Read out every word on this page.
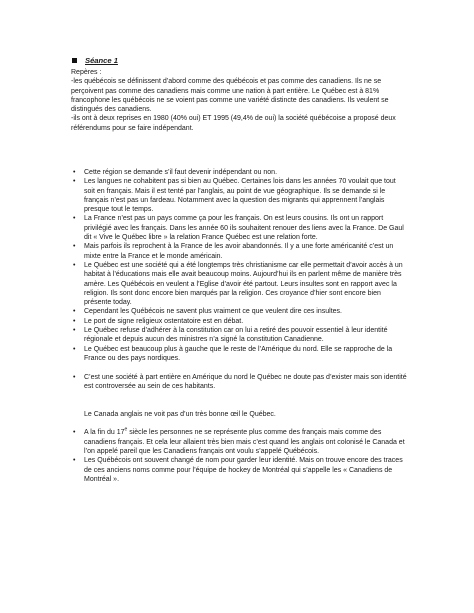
Séance 1

Repères :

-les québécois se définissent d’abord comme des québécois et pas comme des canadiens. Ils ne se perçoivent pas comme des canadiens mais comme une nation à part entière. Le Québec est à 81% francophone les québécois ne se voient pas comme une variété distincte des canadiens. Ils veulent se distingués des canadiens.

-ils ont à deux reprises en 1980 (40% oui) ET 1995 (49,4% de oui) la société québécoise a proposé deux référendums pour se faire indépendant.

• Cette région se demande s’il faut devenir indépendant ou non.
• Les langues ne cohabitent pas si bien au Québec. Certaines lois dans les années 70 voulait que tout soit en français. Mais il est tenté par l’anglais, au point de vue géographique. Ils se demande si le français n’est pas un fardeau. Notamment avec la question des migrants qui apprennent l’anglais presque tout le temps.
• La France n’est pas un pays comme ça pour les français. On est leurs cousins. Ils ont un rapport privilégié avec les français. Dans les année 60 ils souhaitent renouer des liens avec la France. De Gaul dit « Vive le Québec libre » la relation France Québec est une relation forte.
• Mais parfois ils reprochent à la France de les avoir abandonnés. Il y a une forte américanité c’est un mixte entre la France et le monde américain.
• Le Québec est une société qui a été longtemps très christianisme car elle permettait d’avoir accès à un habitat à l’éducations mais elle avait beaucoup moins. Aujourd’hui ils en parlent même de manière très amère. Les Québécois en veulent a l’Eglise d’avoir été partout. Leurs insultes sont en rapport avec la religion. Ils sont donc encore bien marqués par la religion. Ces croyance d’hier sont encore bien présente today.
• Cependant les Québécois ne savent plus vraiment ce que veulent dire ces insultes.
• Le port de signe religieux ostentatoire est en débat.
• Le Québec refuse d’adhérer à la constitution car on lui a retiré des pouvoir essentiel à leur identité régionale et depuis aucun des ministres n’a signé la constitution Canadienne.
• Le Québec est beaucoup plus à gauche que le reste de l’Amérique du nord. Elle se rapproche de la France ou des pays nordiques.
• C’est une société à part entière en Amérique du nord le Québec ne doute pas d’exister mais son identité est controversée au sein de ces habitants.
Le Canada anglais ne voit pas d’un très bonne œil le Québec.
• A la fin du 17e siècle les personnes ne se représente plus comme des français mais comme des canadiens français. Et cela leur allaient très bien mais c’est quand les anglais ont colonisé le Canada et l’on appelé pareil que les Canadiens français ont voulu s’appelé Québécois.
• Les Québécois ont souvent changé de nom pour garder leur identité. Mais on trouve encore des traces de ces anciens noms comme pour l’équipe de hockey de Montréal qui s’appelle les « Canadiens de Montréal ».
